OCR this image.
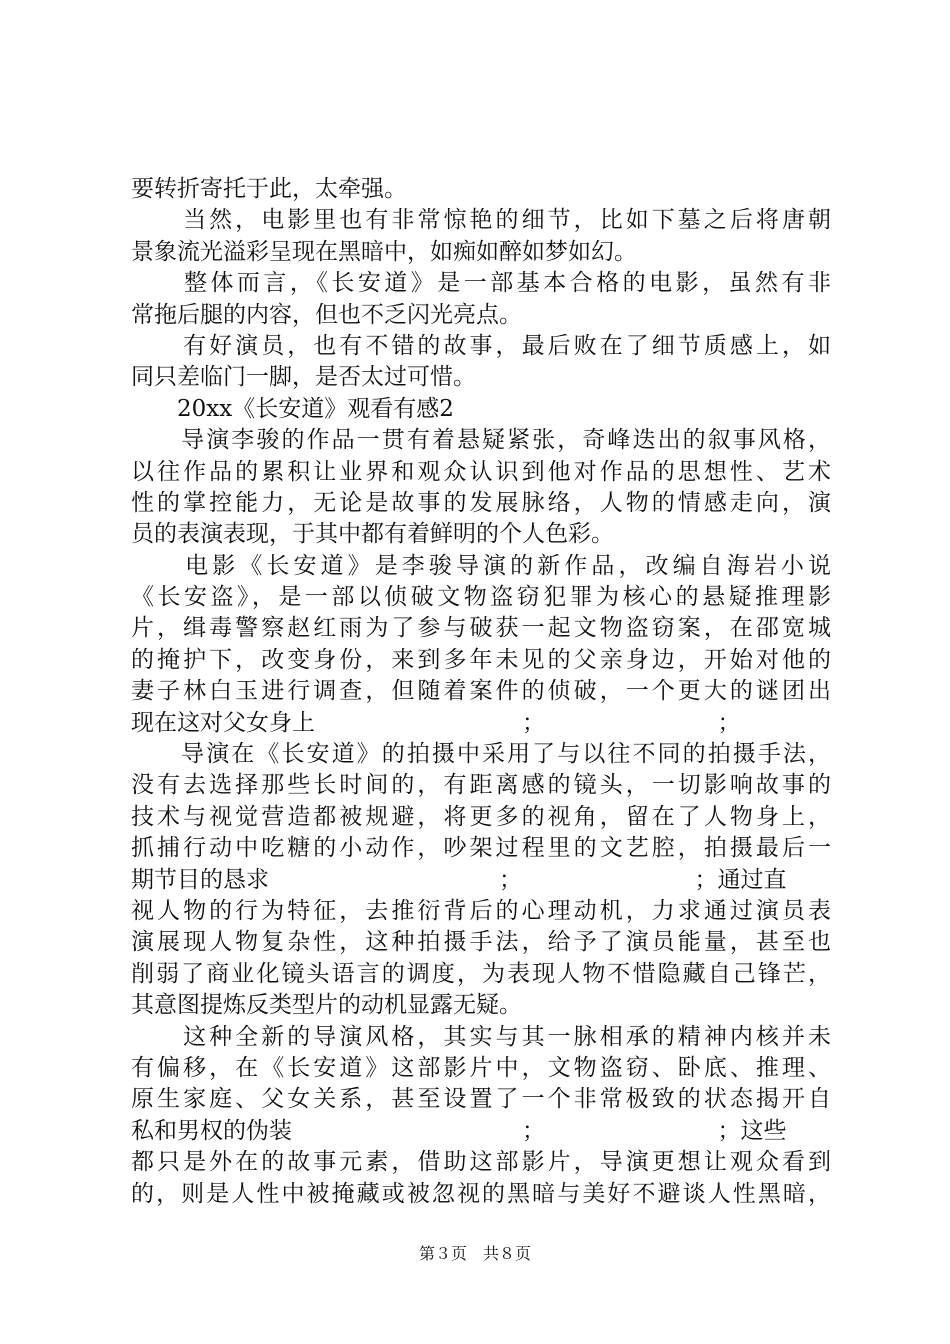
要转折寄托于此，太牵强。
　　当然，电影里也有非常惊艳的细节，比如下墓之后将唐朝
景象流光溢彩呈现在黑暗中，如痴如醉如梦如幻。
　　整体而言，《长安道》是一部基本合格的电影，虽然有非
常拖后腿的内容，但也不乏闪光亮点。
　　有好演员，也有不错的故事，最后败在了细节质感上，如
同只差临门一脚，是否太过可惜。
　　20xx《长安道》观看有感2
　　导演李骏的作品一贯有着悬疑紧张，奇峰迭出的叙事风格，
以往作品的累积让业界和观众认识到他对作品的思想性、艺术
性的掌控能力，无论是故事的发展脉络，人物的情感走向，演
员的表演表现，于其中都有着鲜明的个人色彩。
　　电影《长安道》是李骏导演的新作品，改编自海岩小说
《长安盗》，是一部以侦破文物盗窃犯罪为核心的悬疑推理影
片，缉毒警察赵红雨为了参与破获一起文物盗窃案，在邵宽城
的掩护下，改变身份，来到多年未见的父亲身边，开始对他的
妻子林白玉进行调查，但随着案件的侦破，一个更大的谜团出
现在这对父女身上　　　　　　　　　；　　　　　　　　；
　　导演在《长安道》的拍摄中采用了与以往不同的拍摄手法，
没有去选择那些长时间的，有距离感的镜头，一切影响故事的
技术与视觉营造都被规避，将更多的视角，留在了人物身上，
抓捕行动中吃糖的小动作，吵架过程里的文艺腔，拍摄最后一
期节目的恳求　　　　　　　　　　；　　　　　　　　；通过直
视人物的行为特征，去推衍背后的心理动机，力求通过演员表
演展现人物复杂性，这种拍摄手法，给予了演员能量，甚至也
削弱了商业化镜头语言的调度，为表现人物不惜隐藏自己锋芒，
其意图提炼反类型片的动机显露无疑。
　　这种全新的导演风格，其实与其一脉相承的精神内核并未
有偏移，在《长安道》这部影片中，文物盗窃、卧底、推理、
原生家庭、父女关系，甚至设置了一个非常极致的状态揭开自
私和男权的伪装　　　　　　　　　　；　　　　　　　　；这些
都只是外在的故事元素，借助这部影片，导演更想让观众看到
的，则是人性中被掩藏或被忽视的黑暗与美好不避谈人性黑暗，
第３页　共８页
